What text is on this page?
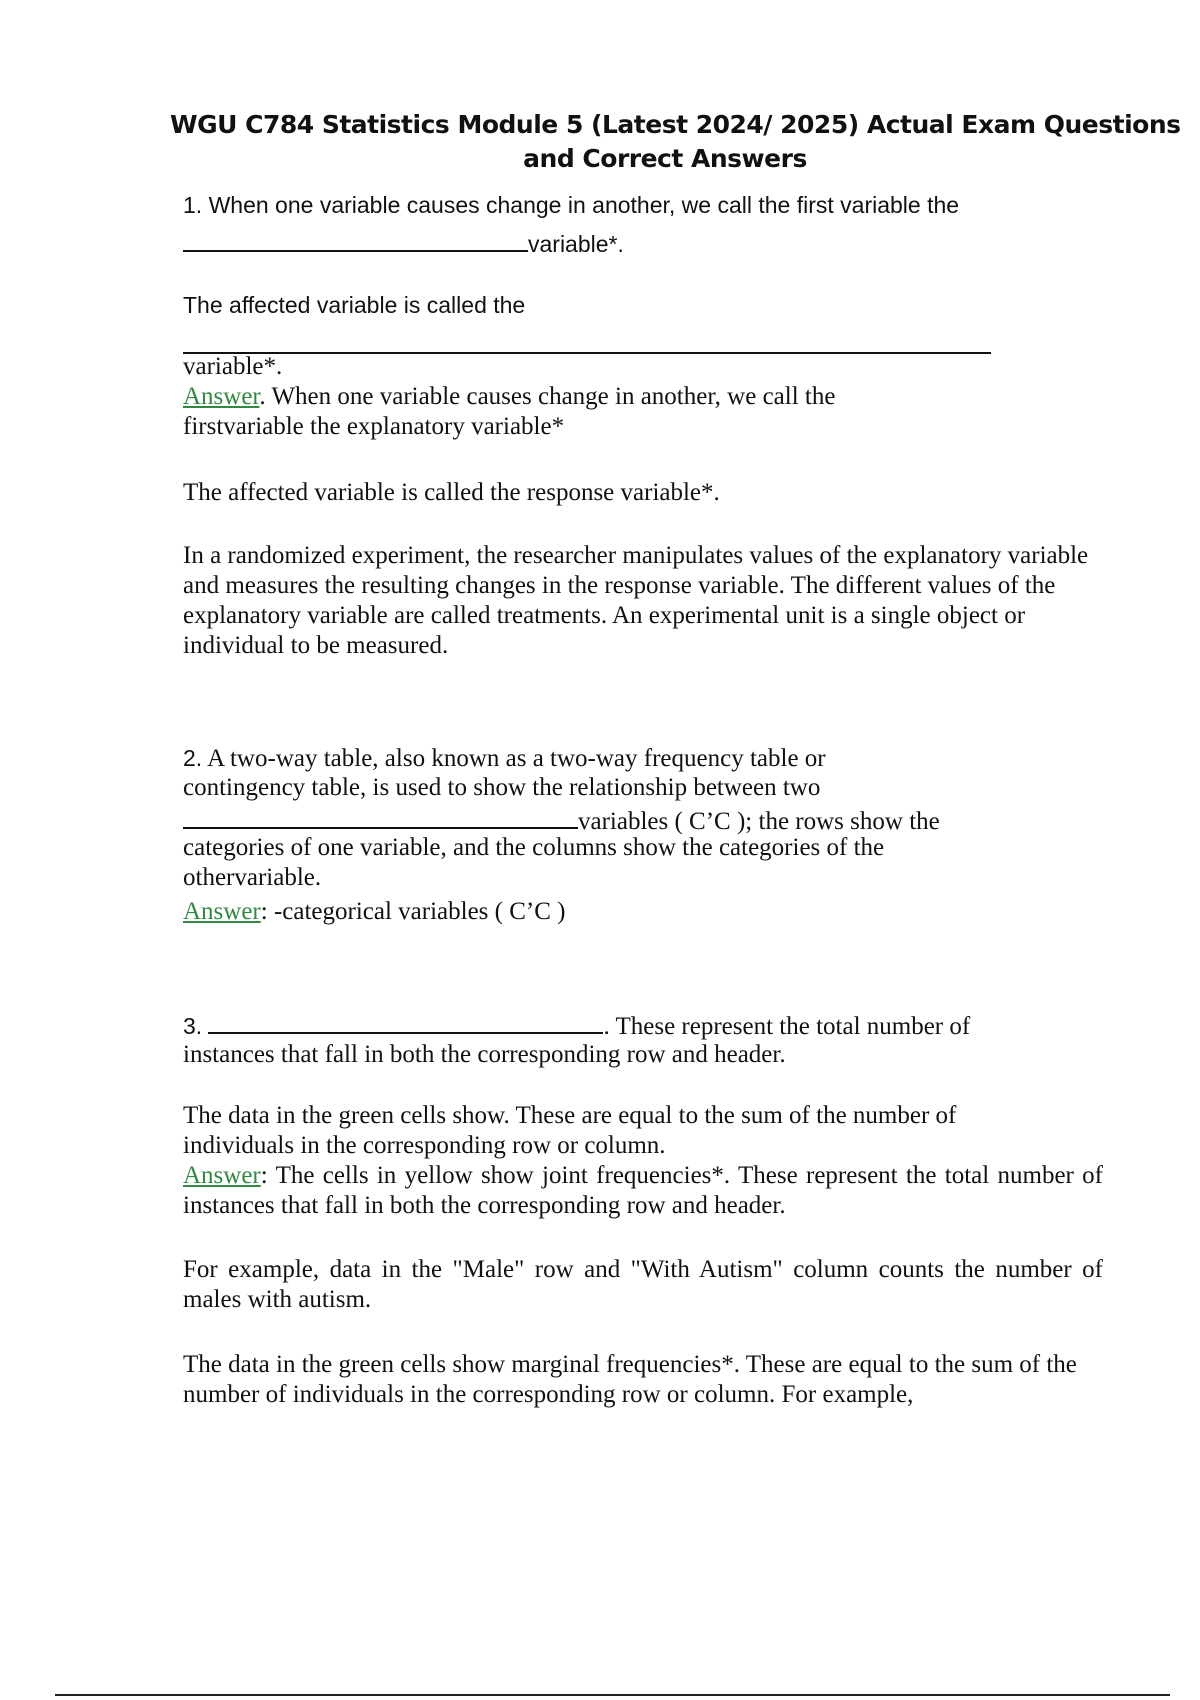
WGU C784 Statistics Module 5 (Latest 2024/ 2025) Actual Exam Questions
and Correct Answers
1. When one variable causes change in another, we call the first variable the
variable*.
The affected variable is called the
variable*.
Answer. When one variable causes change in another, we call the
firstvariable the explanatory variable*
The affected variable is called the response variable*.
In a randomized experiment, the researcher manipulates values of the explanatory variable and measures the resulting changes in the response variable. The different values of the explanatory variable are called treatments. An experimental unit is a single object or individual to be measured.
2. A two-way table, also known as a two-way frequency table or
contingency table, is used to show the relationship between two
variables ( C’C ); the rows show the
categories of one variable, and the columns show the categories of the
othervariable.
Answer: -categorical variables ( C’C )
3.	. These represent the total number of
instances that fall in both the corresponding row and header.
The data in the green cells show. These are equal to the sum of the number of individuals in the corresponding row or column.
Answer: The cells in yellow show joint frequencies*. These represent the total number of instances that fall in both the corresponding row and header.
For example, data in the "Male" row and "With Autism" column counts the number of males with autism.
The data in the green cells show marginal frequencies*. These are equal to the sum of the number of individuals in the corresponding row or column. For example,
